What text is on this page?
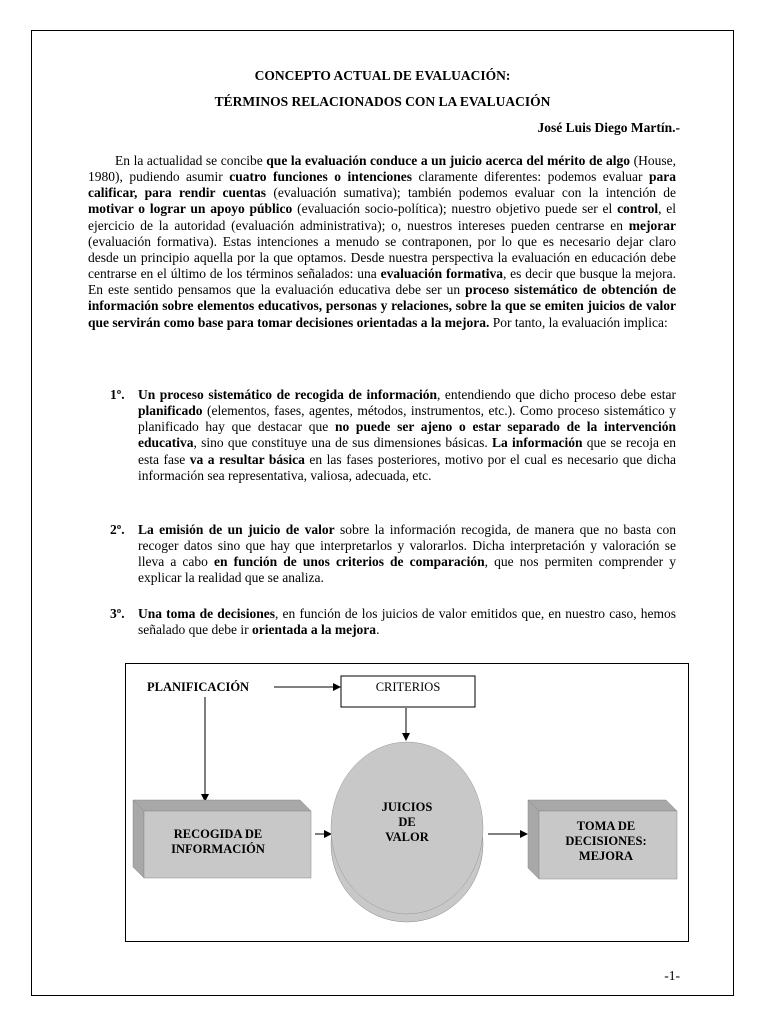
CONCEPTO ACTUAL DE EVALUACIÓN:
TÉRMINOS RELACIONADOS CON LA EVALUACIÓN
José Luis Diego Martín.-

En la actualidad se concibe que la evaluación conduce a un juicio acerca del mérito de algo (House, 1980), pudiendo asumir cuatro funciones o intenciones claramente diferentes: podemos evaluar para calificar, para rendir cuentas (evaluación sumativa); también podemos evaluar con la intención de motivar o lograr un apoyo público (evaluación socio-política); nuestro objetivo puede ser el control, el ejercicio de la autoridad (evaluación administrativa); o, nuestros intereses pueden centrarse en mejorar (evaluación formativa). Estas intenciones a menudo se contraponen, por lo que es necesario dejar claro desde un principio aquella por la que optamos. Desde nuestra perspectiva la evaluación en educación debe centrarse en el último de los términos señalados: una evaluación formativa, es decir que busque la mejora. En este sentido pensamos que la evaluación educativa debe ser un proceso sistemático de obtención de información sobre elementos educativos, personas y relaciones, sobre la que se emiten juicios de valor que servirán como base para tomar decisiones orientadas a la mejora. Por tanto, la evaluación implica:

1º. Un proceso sistemático de recogida de información, entendiendo que dicho proceso debe estar planificado (elementos, fases, agentes, métodos, instrumentos, etc.). Como proceso sistemático y planificado hay que destacar que no puede ser ajeno o estar separado de la intervención educativa, sino que constituye una de sus dimensiones básicas. La información que se recoja en esta fase va a resultar básica en las fases posteriores, motivo por el cual es necesario que dicha información sea representativa, valiosa, adecuada, etc.

2º. La emisión de un juicio de valor sobre la información recogida, de manera que no basta con recoger datos sino que hay que interpretarlos y valorarlos. Dicha interpretación y valoración se lleva a cabo en función de unos criterios de comparación, que nos permiten comprender y explicar la realidad que se analiza.

3º. Una toma de decisiones, en función de los juicios de valor emitidos que, en nuestro caso, hemos señalado que debe ir orientada a la mejora.

PLANIFICACIÓN	CRITERIOS
RECOGIDA DE
INFORMACIÓN
JUICIOS
DE
VALOR
TOMA DE
DECISIONES:
MEJORA
-1-
